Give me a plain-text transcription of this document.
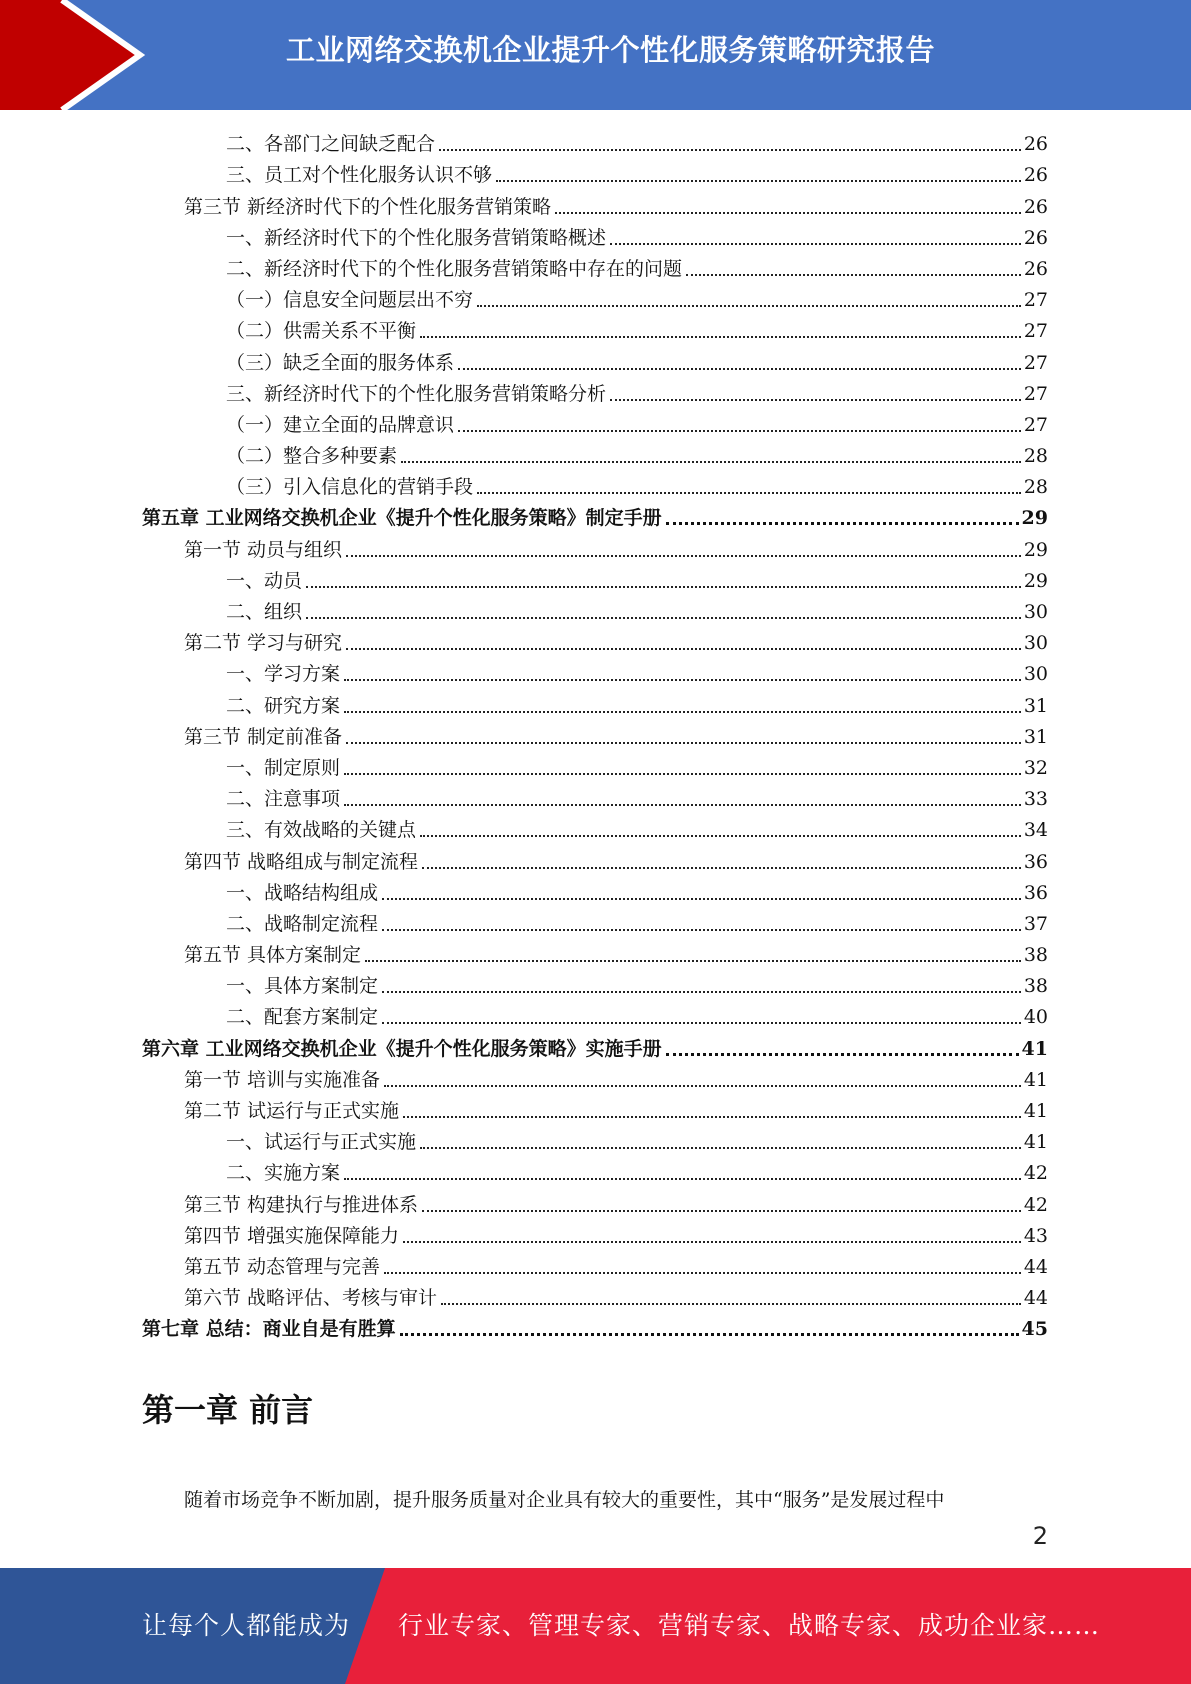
工业网络交换机企业提升个性化服务策略研究报告
二、各部门之间缺乏配合	26
三、员工对个性化服务认识不够	26
第三节 新经济时代下的个性化服务营销策略	26
一、新经济时代下的个性化服务营销策略概述	26
二、新经济时代下的个性化服务营销策略中存在的问题	26
（一）信息安全问题层出不穷	27
（二）供需关系不平衡	27
（三）缺乏全面的服务体系	27
三、新经济时代下的个性化服务营销策略分析	27
（一）建立全面的品牌意识	27
（二）整合多种要素	28
（三）引入信息化的营销手段	28
第五章 工业网络交换机企业《提升个性化服务策略》制定手册	29
第一节 动员与组织	29
一、动员	29
二、组织	30
第二节 学习与研究	30
一、学习方案	30
二、研究方案	31
第三节 制定前准备	31
一、制定原则	32
二、注意事项	33
三、有效战略的关键点	34
第四节 战略组成与制定流程	36
一、战略结构组成	36
二、战略制定流程	37
第五节 具体方案制定	38
一、具体方案制定	38
二、配套方案制定	40
第六章 工业网络交换机企业《提升个性化服务策略》实施手册	41
第一节 培训与实施准备	41
第二节 试运行与正式实施	41
一、试运行与正式实施	41
二、实施方案	42
第三节 构建执行与推进体系	42
第四节 增强实施保障能力	43
第五节 动态管理与完善	44
第六节 战略评估、考核与审计	44
第七章 总结：商业自是有胜算	45
第一章 前言

随着市场竞争不断加剧，提升服务质量对企业具有较大的重要性，其中“服务”是发展过程中

2
让每个人都能成为 行业专家、管理专家、营销专家、战略专家、成功企业家……
